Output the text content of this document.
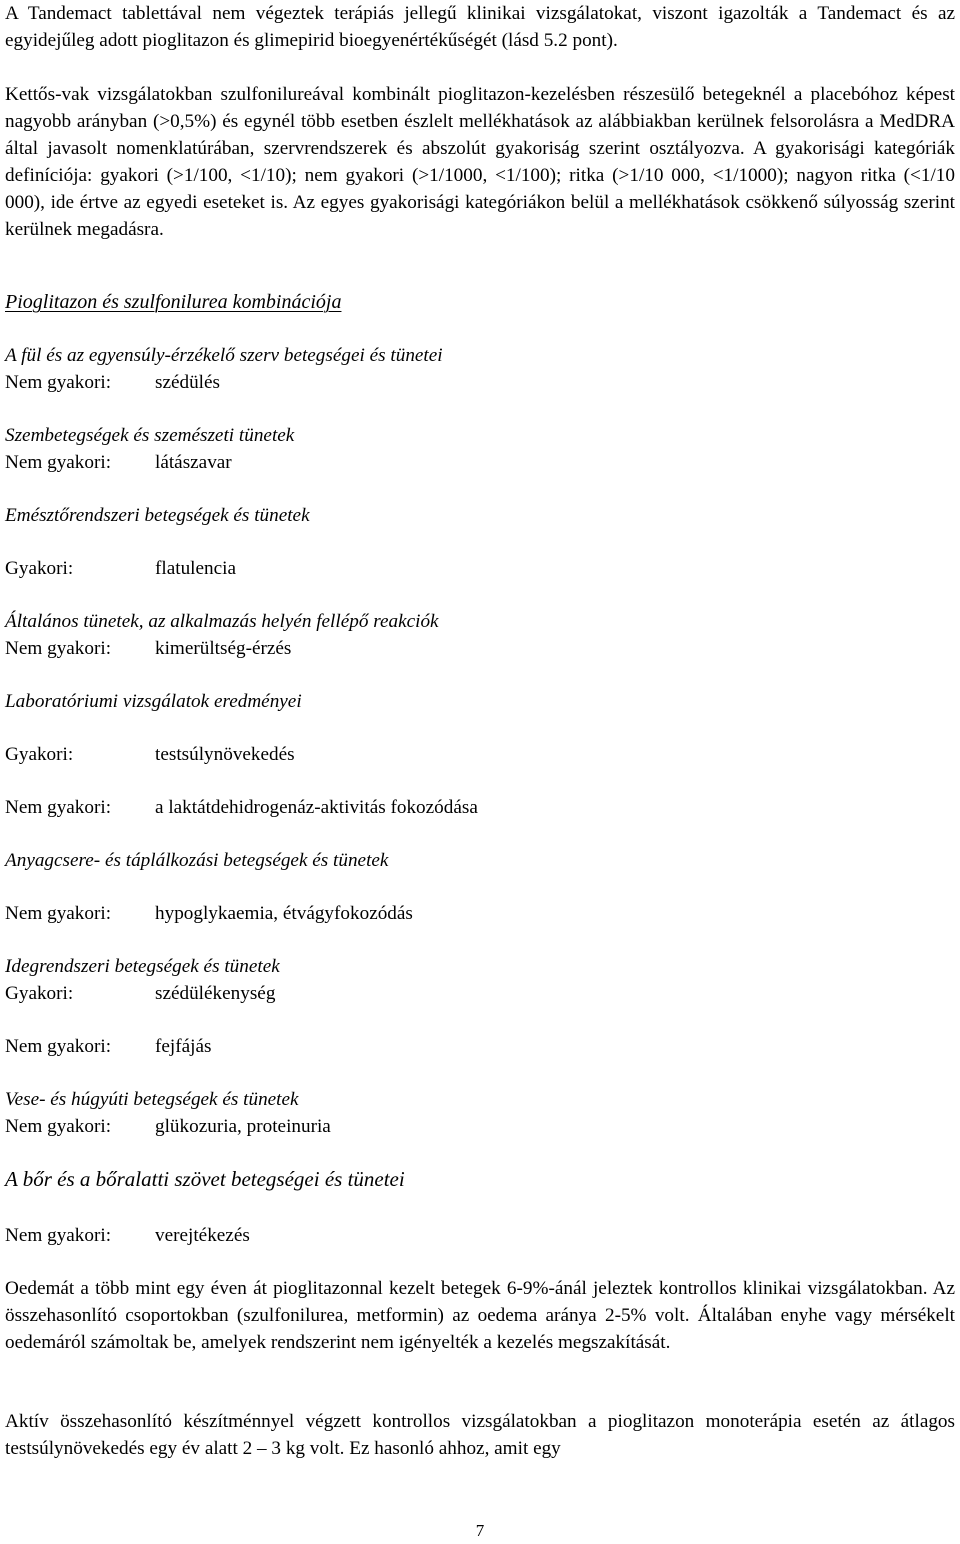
A Tandemact tablettával nem végeztek terápiás jellegű klinikai vizsgálatokat, viszont igazolták a Tandemact és az egyidejűleg adott pioglitazon és glimepirid bioegyenértékűségét (lásd 5.2 pont).

Kettős-vak vizsgálatokban szulfonilureával kombinált pioglitazon-kezelésben részesülő betegeknél a placebóhoz képest nagyobb arányban (>0,5%) és egynél több esetben észlelt mellékhatások az alábbiakban kerülnek felsorolásra a MedDRA által javasolt nomenklatúrában, szervrendszerek és abszolút gyakoriság szerint osztályozva. A gyakorisági kategóriák definíciója: gyakori (>1/100, <1/10); nem gyakori (>1/1000, <1/100); ritka (>1/10 000, <1/1000); nagyon ritka (<1/10 000), ide értve az egyedi eseteket is. Az egyes gyakorisági kategóriákon belül a mellékhatások csökkenő súlyosság szerint kerülnek megadásra.

Pioglitazon és szulfonilurea kombinációja

A fül és az egyensúly-érzékelő szerv betegségei és tünetei

Nem gyakori: szédülés

Szembetegségek és szemészeti tünetek

Nem gyakori: látászavar

Emésztőrendszeri betegségek és tünetek

Gyakori:	flatulencia

Általános tünetek, az alkalmazás helyén fellépő reakciók

Nem gyakori: kimerültség-érzés

Laboratóriumi vizsgálatok eredményei

Gyakori:	testsúlynövekedés
Nem gyakori: a laktátdehidrogenáz-aktivitás fokozódása

Anyagcsere- és táplálkozási betegségek és tünetek

Nem gyakori: hypoglykaemia, étvágyfokozódás

Idegrendszeri betegségek és tünetek

Gyakori:	szédülékenység
Nem gyakori: fejfájás

Vese- és húgyúti betegségek és tünetek

Nem gyakori: glükozuria, proteinuria

A bőr és a bőralatti szövet betegségei és tünetei

Nem gyakori: verejtékezés

Oedemát a több mint egy éven át pioglitazonnal kezelt betegek 6-9%-ánál jeleztek kontrollos klinikai vizsgálatokban. Az összehasonlító csoportokban (szulfonilurea, metformin) az oedema aránya 2-5% volt. Általában enyhe vagy mérsékelt oedemáról számoltak be, amelyek rendszerint nem igényelték a kezelés megszakítását.

Aktív összehasonlító készítménnyel végzett kontrollos vizsgálatokban a pioglitazon monoterápia esetén az átlagos testsúlynövekedés egy év alatt 2 – 3 kg volt. Ez hasonló ahhoz, amit egy

7
